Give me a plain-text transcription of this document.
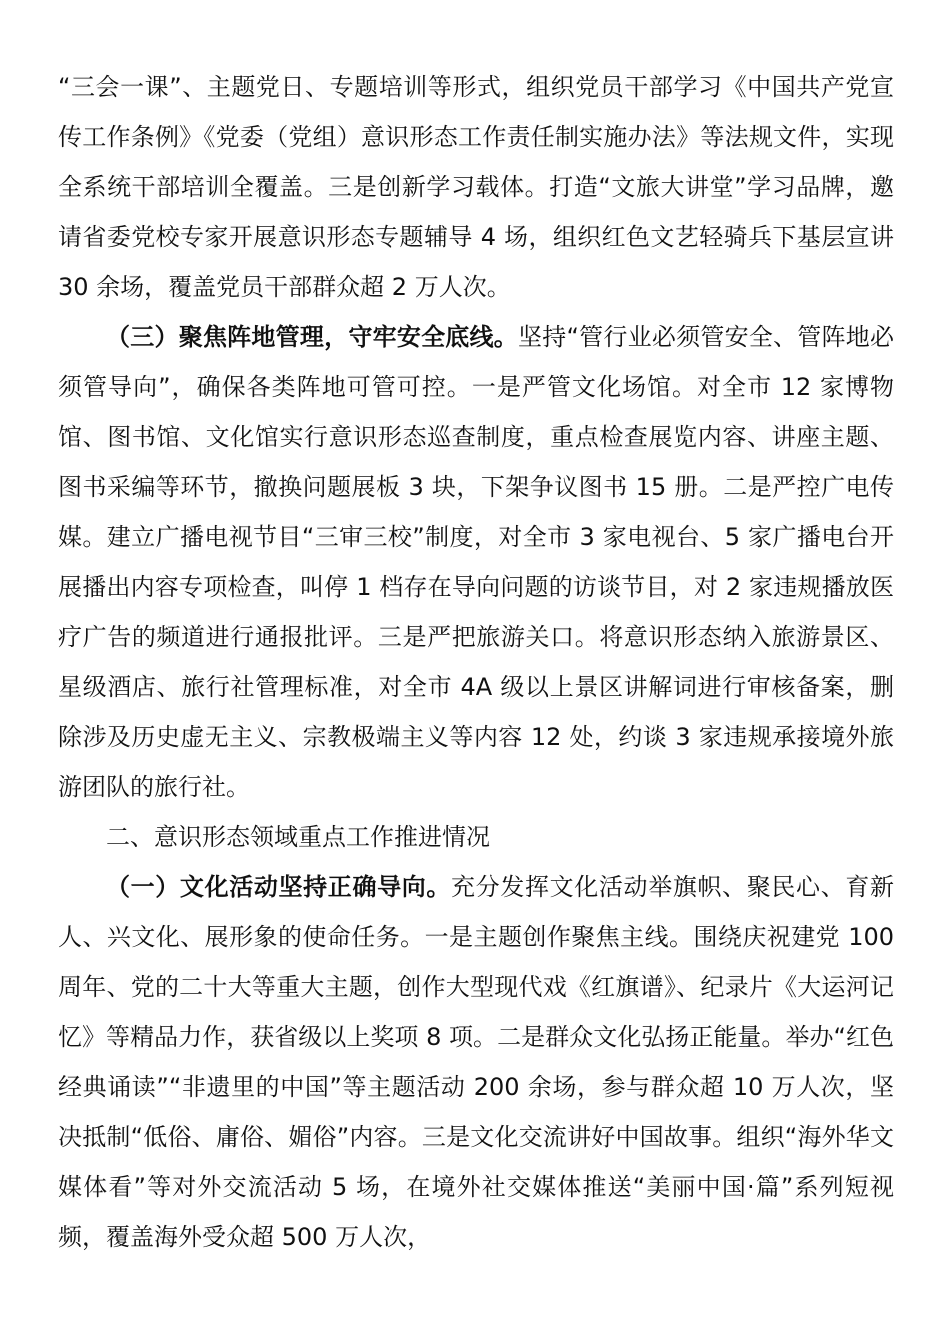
“三会一课”、主题党日、专题培训等形式，组织党员干部学习《中国共产党宣传工作条例》《党委（党组）意识形态工作责任制实施办法》等法规文件，实现全系统干部培训全覆盖。三是创新学习载体。打造“文旅大讲堂”学习品牌，邀请省委党校专家开展意识形态专题辅导 4 场，组织红色文艺轻骑兵下基层宣讲 30 余场，覆盖党员干部群众超 2 万人次。

（三）聚焦阵地管理，守牢安全底线。坚持“管行业必须管安全、管阵地必须管导向”，确保各类阵地可管可控。一是严管文化场馆。对全市 12 家博物馆、图书馆、文化馆实行意识形态巡查制度，重点检查展览内容、讲座主题、图书采编等环节，撤换问题展板 3 块，下架争议图书 15 册。二是严控广电传媒。建立广播电视节目“三审三校”制度，对全市 3 家电视台、5 家广播电台开展播出内容专项检查，叫停 1 档存在导向问题的访谈节目，对 2 家违规播放医疗广告的频道进行通报批评。三是严把旅游关口。将意识形态纳入旅游景区、星级酒店、旅行社管理标准，对全市 4A 级以上景区讲解词进行审核备案，删除涉及历史虚无主义、宗教极端主义等内容 12 处，约谈 3 家违规承接境外旅游团队的旅行社。

二、意识形态领域重点工作推进情况

（一）文化活动坚持正确导向。充分发挥文化活动举旗帜、聚民心、育新人、兴文化、展形象的使命任务。一是主题创作聚焦主线。围绕庆祝建党 100 周年、党的二十大等重大主题，创作大型现代戏《红旗谱》、纪录片《大运河记忆》等精品力作，获省级以上奖项 8 项。二是群众文化弘扬正能量。举办“红色经典诵读”“非遗里的中国”等主题活动 200 余场，参与群众超 10 万人次，坚决抵制“低俗、庸俗、媚俗”内容。三是文化交流讲好中国故事。组织“海外华文媒体看”等对外交流活动 5 场，在境外社交媒体推送“美丽中国·篇”系列短视频，覆盖海外受众超 500 万人次，
